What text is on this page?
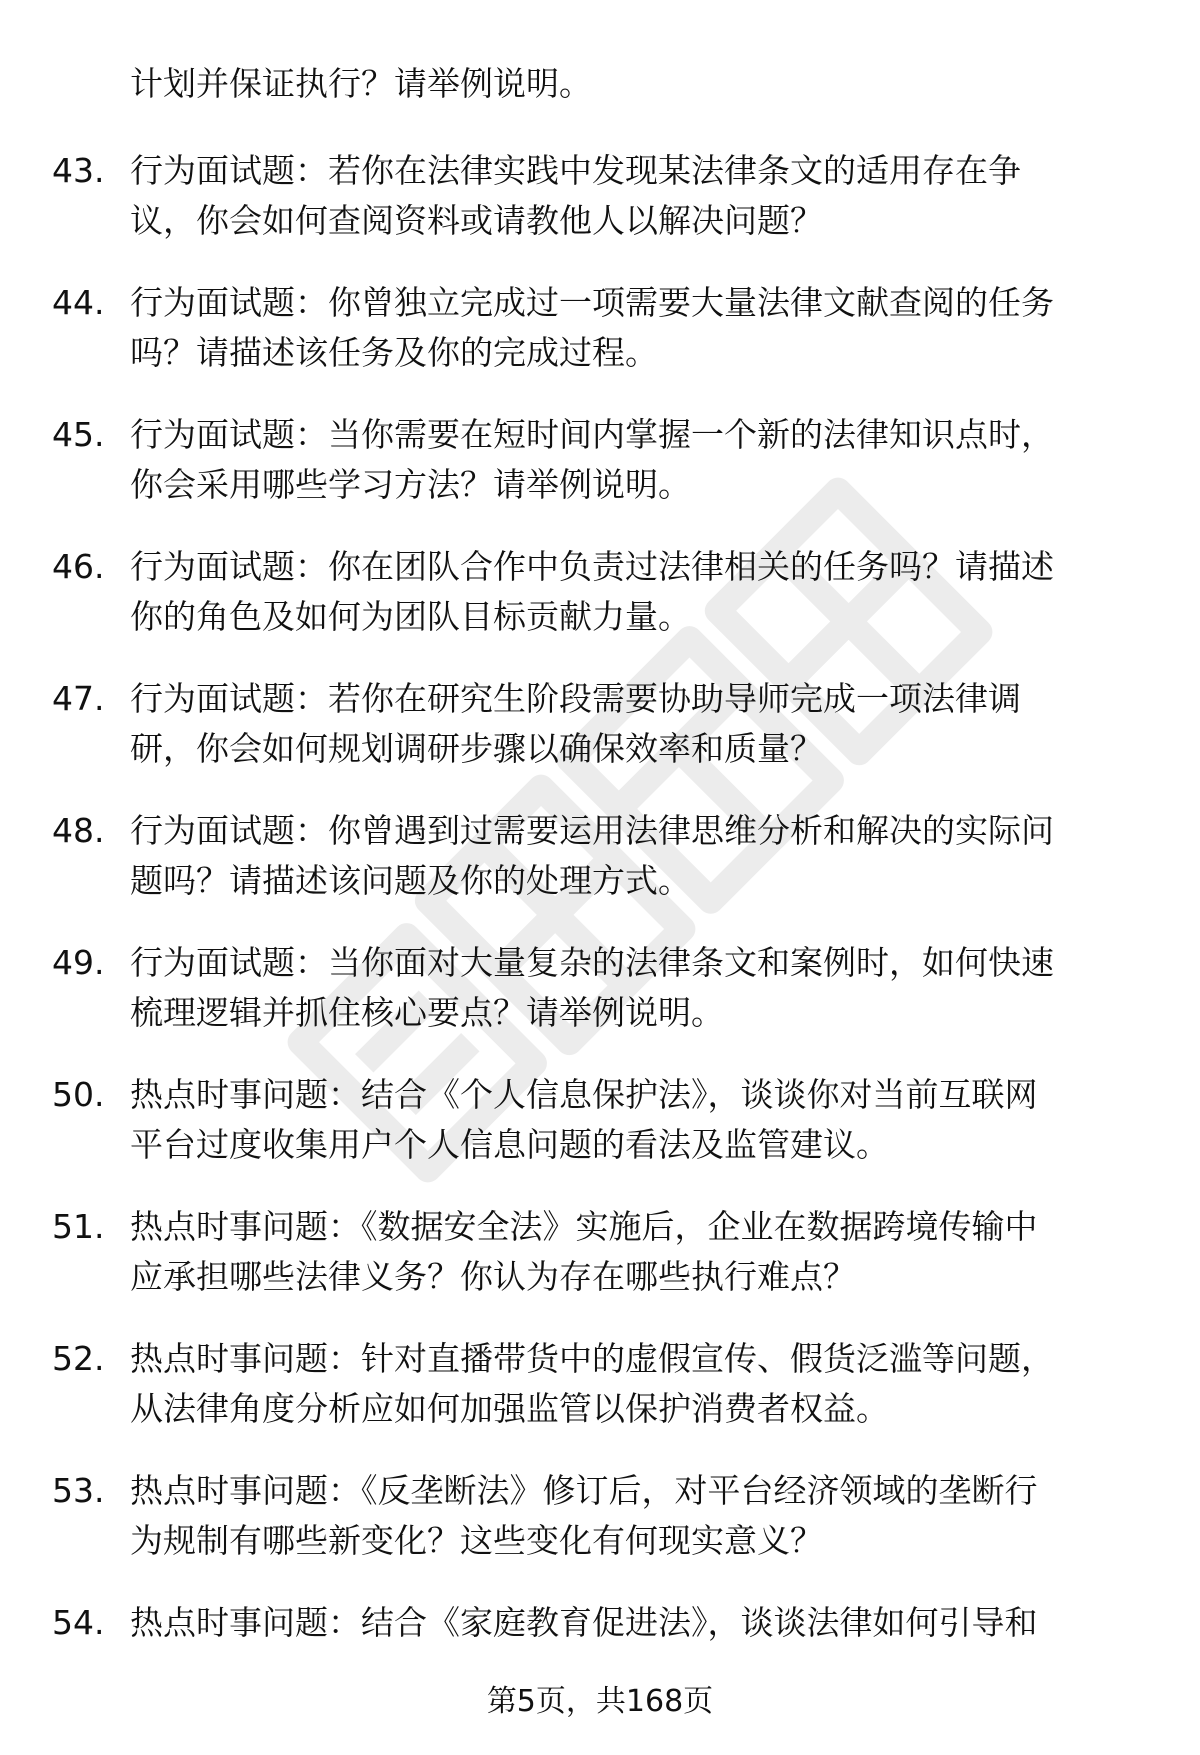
计划并保证执行？请举例说明。
43. 行为面试题：若你在法律实践中发现某法律条文的适用存在争
议，你会如何查阅资料或请教他人以解决问题？
44. 行为面试题：你曾独立完成过一项需要大量法律文献查阅的任务
吗？请描述该任务及你的完成过程。
45. 行为面试题：当你需要在短时间内掌握一个新的法律知识点时，
你会采用哪些学习方法？请举例说明。
46. 行为面试题：你在团队合作中负责过法律相关的任务吗？请描述
你的角色及如何为团队目标贡献力量。
47. 行为面试题：若你在研究生阶段需要协助导师完成一项法律调
研，你会如何规划调研步骤以确保效率和质量？
48. 行为面试题：你曾遇到过需要运用法律思维分析和解决的实际问
题吗？请描述该问题及你的处理方式。
49. 行为面试题：当你面对大量复杂的法律条文和案例时，如何快速
梳理逻辑并抓住核心要点？请举例说明。
50. 热点时事问题：结合《个人信息保护法》，谈谈你对当前互联网
平台过度收集用户个人信息问题的看法及监管建议。
51. 热点时事问题：《数据安全法》实施后，企业在数据跨境传输中
应承担哪些法律义务？你认为存在哪些执行难点？
52. 热点时事问题：针对直播带货中的虚假宣传、假货泛滥等问题，
从法律角度分析应如何加强监管以保护消费者权益。
53. 热点时事问题：《反垄断法》修订后，对平台经济领域的垄断行
为规制有哪些新变化？这些变化有何现实意义？
54. 热点时事问题：结合《家庭教育促进法》，谈谈法律如何引导和
第5页，共168页
